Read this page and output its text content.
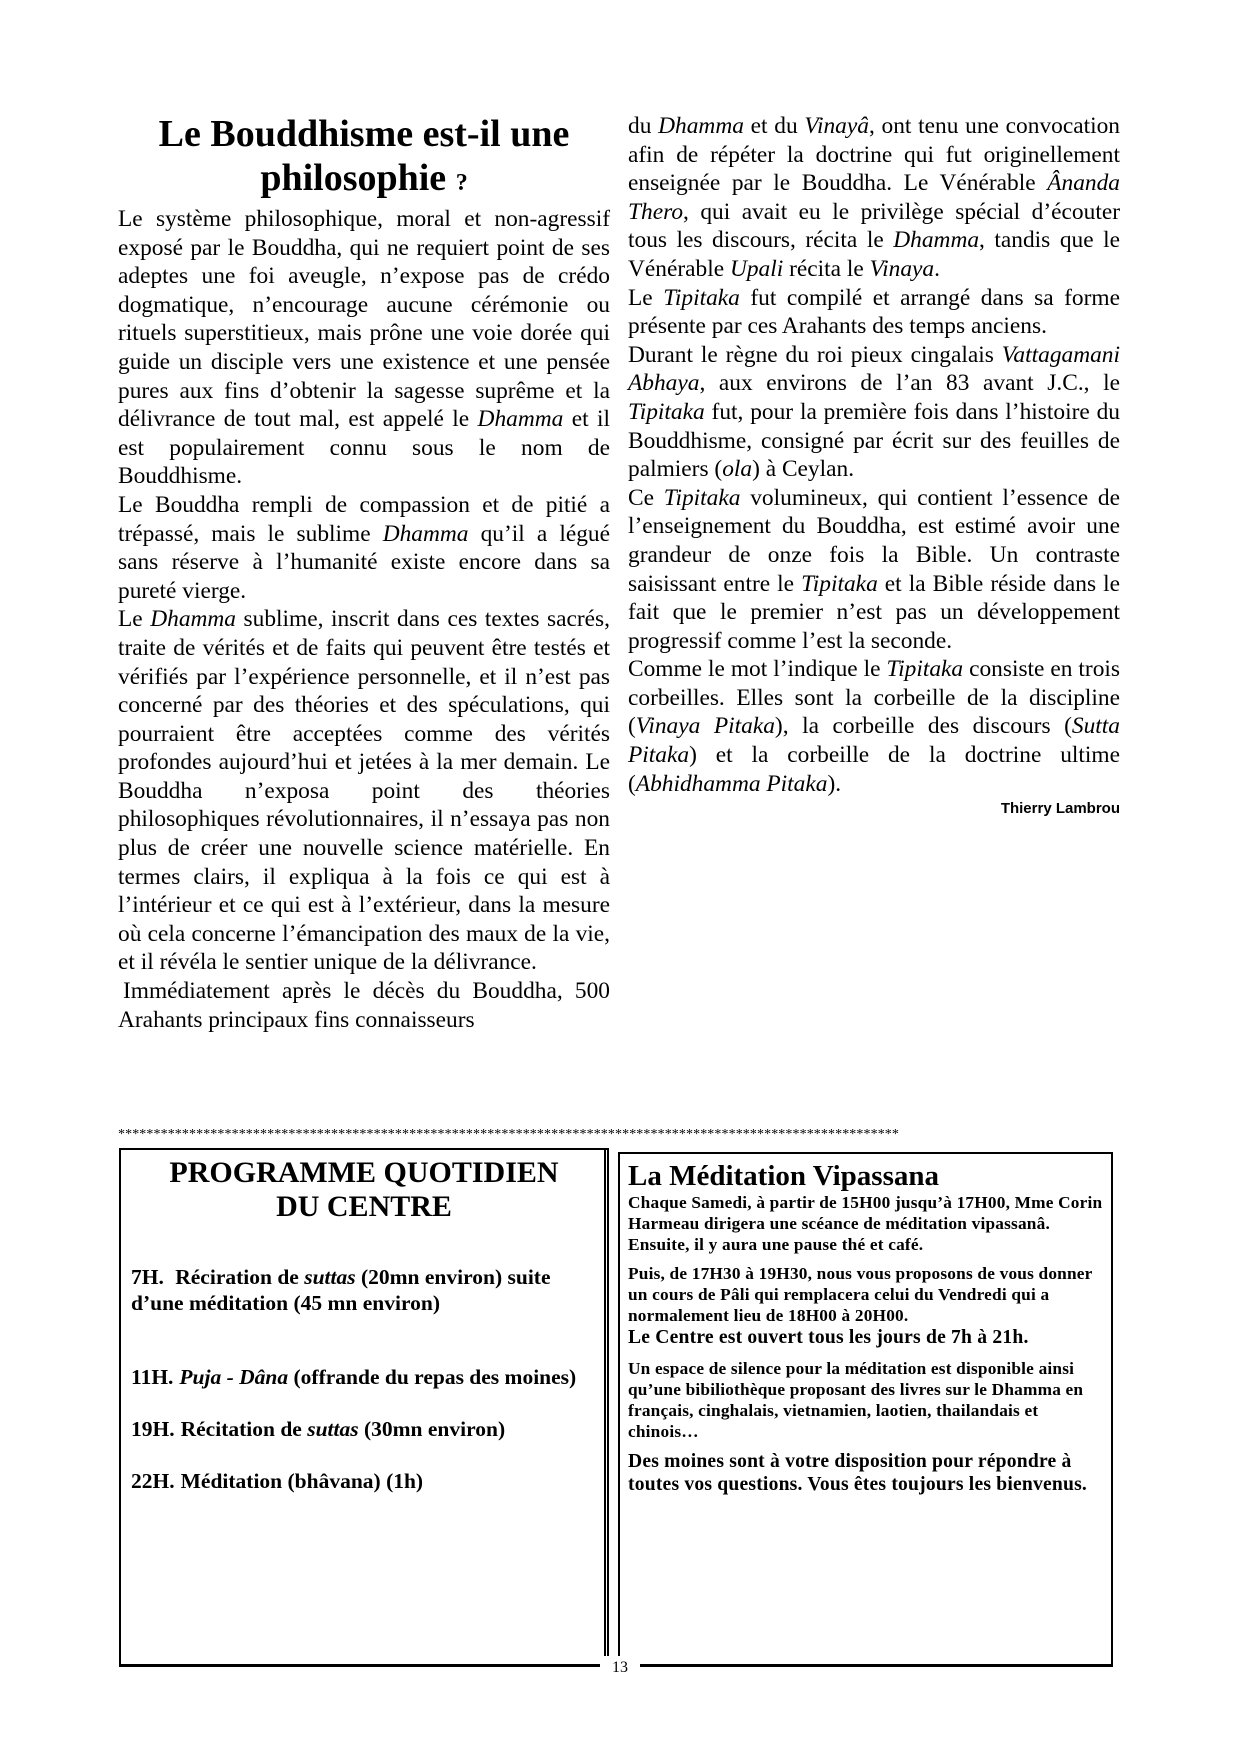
Le Bouddhisme est-il une
philosophie ?

Le système philosophique, moral et non-agressif exposé par le Bouddha, qui ne requiert point de ses adeptes une foi aveugle, n’expose pas de crédo dogmatique, n’encourage aucune cérémonie ou rituels superstitieux, mais prône une voie dorée qui guide un disciple vers une existence et une pensée pures aux fins d’obtenir la sagesse suprême et la délivrance de tout mal, est appelé le Dhamma et il est populairement connu sous le nom de Bouddhisme.

Le Bouddha rempli de compassion et de pitié a trépassé, mais le sublime Dhamma qu’il a légué sans réserve à l’humanité existe encore dans sa pureté vierge.

Le Dhamma sublime, inscrit dans ces textes sacrés, traite de vérités et de faits qui peuvent être testés et vérifiés par l’expérience personnelle, et il n’est pas concerné par des théories et des spéculations, qui pourraient être acceptées comme des vérités profondes aujourd’hui et jetées à la mer demain. Le Bouddha n’exposa point des théories philosophiques révolutionnaires, il n’essaya pas non plus de créer une nouvelle science matérielle. En termes clairs, il expliqua à la fois ce qui est à l’intérieur et ce qui est à l’extérieur, dans la mesure où cela concerne l’émancipation des maux de la vie, et il révéla le sentier unique de la délivrance.

Immédiatement après le décès du Bouddha, 500 Arahants principaux fins connaisseurs

du Dhamma et du Vinayâ, ont tenu une convocation afin de répéter la doctrine qui fut originellement enseignée par le Bouddha. Le Vénérable Ânanda Thero, qui avait eu le privilège spécial d’écouter tous les discours, récita le Dhamma, tandis que le Vénérable Upali récita le Vinaya.

Le Tipitaka fut compilé et arrangé dans sa forme présente par ces Arahants des temps anciens.

Durant le règne du roi pieux cingalais Vattagamani Abhaya, aux environs de l’an 83 avant J.C., le Tipitaka fut, pour la première fois dans l’histoire du Bouddhisme, consigné par écrit sur des feuilles de palmiers (ola) à Ceylan.

Ce Tipitaka volumineux, qui contient l’essence de l’enseignement du Bouddha, est estimé avoir une grandeur de onze fois la Bible. Un contraste saisissant entre le Tipitaka et la Bible réside dans le fait que le premier n’est pas un développement progressif comme l’est la seconde.

Comme le mot l’indique le Tipitaka consiste en trois corbeilles. Elles sont la corbeille de la discipline (Vinaya Pitaka), la corbeille des discours (Sutta Pitaka) et la corbeille de la doctrine ultime (Abhidhamma Pitaka).

Thierry Lambrou
**************************************************************************************************************
PROGRAMME QUOTIDIEN
DU CENTRE
7H. Réciration de suttas (20mn environ) suite d’une méditation (45 mn environ)
11H. Puja - Dâna (offrande du repas des moines)
19H. Récitation de suttas (30mn environ)
22H. Méditation (bhâvana) (1h)
La Méditation Vipassana

Chaque Samedi, à partir de 15H00 jusqu’à 17H00, Mme Corin Harmeau dirigera une scéance de méditation vipassanâ. Ensuite, il y aura une pause thé et café.

Puis, de 17H30 à 19H30, nous vous proposons de vous donner un cours de Pâli qui remplacera celui du Vendredi qui a normalement lieu de 18H00 à 20H00.

Le Centre est ouvert tous les jours de 7h à 21h.

Un espace de silence pour la méditation est disponible ainsi qu’une bibiliothèque proposant des livres sur le Dhamma en français, cinghalais, vietnamien, laotien, thailandais et chinois…

Des moines sont à votre disposition pour répondre à toutes vos questions. Vous êtes toujours les bienvenus.

13
